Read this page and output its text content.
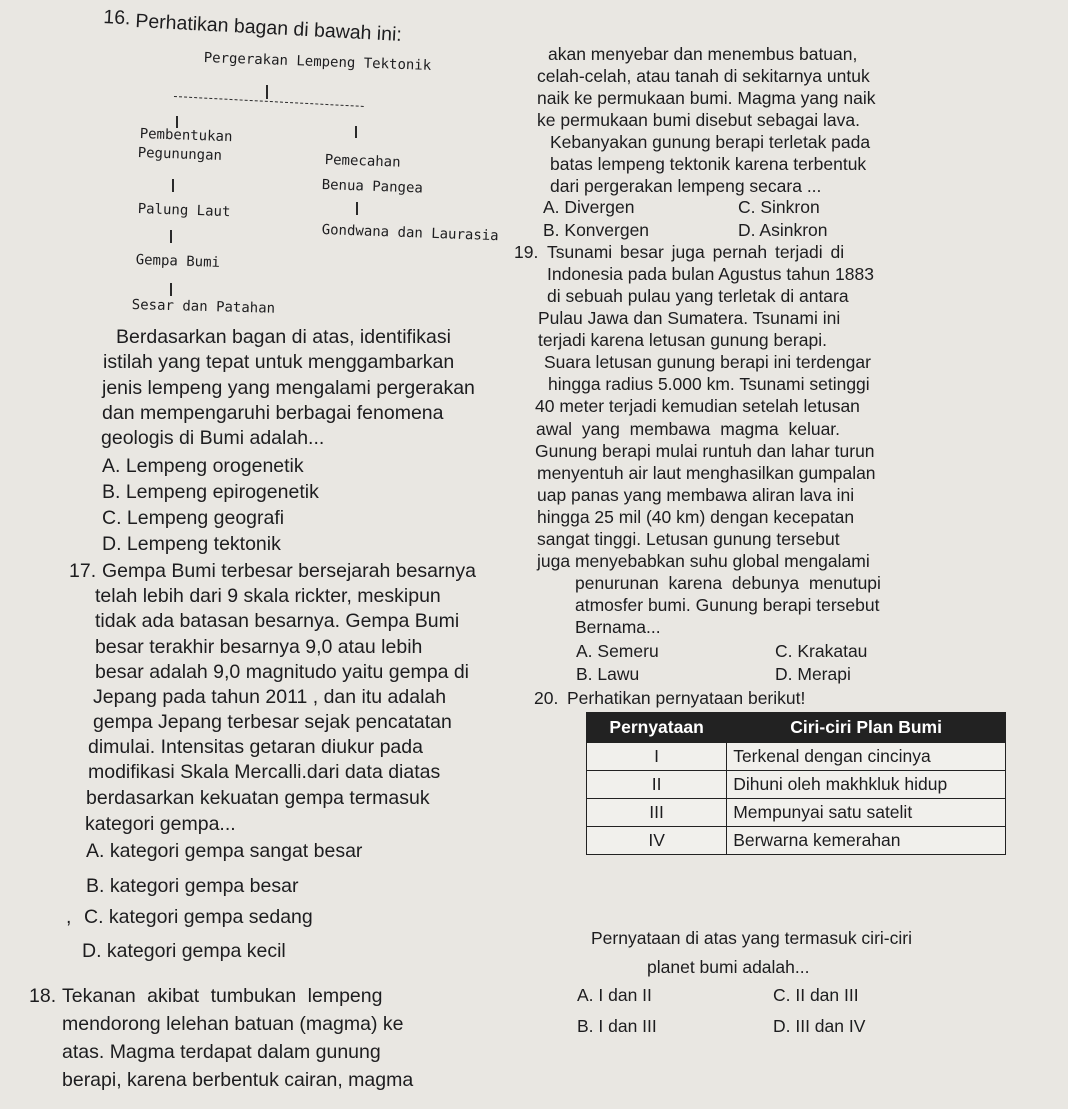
16. Perhatikan bagan di bawah ini:
Pergerakan Lempeng Tektonik
Pembentukan
Pegunungan	Pemecahan
Benua Pangea
Palung Laut
Gondwana dan Laurasia
Gempa Bumi
Sesar dan Patahan
Berdasarkan bagan di atas, identifikasi
istilah yang tepat untuk menggambarkan
jenis lempeng yang mengalami pergerakan
dan mempengaruhi berbagai fenomena
geologis di Bumi adalah...
A. Lempeng orogenetik
B. Lempeng epirogenetik
C. Lempeng geografi
D. Lempeng tektonik
17. Gempa Bumi terbesar bersejarah besarnya
telah lebih dari 9 skala rickter, meskipun
tidak ada batasan besarnya. Gempa Bumi
besar terakhir besarnya 9,0 atau lebih
besar adalah 9,0 magnitudo yaitu gempa di
Jepang pada tahun 2011 , dan itu adalah
gempa Jepang terbesar sejak pencatatan
dimulai. Intensitas getaran diukur pada
modifikasi Skala Mercalli.dari data diatas
berdasarkan kekuatan gempa termasuk
kategori gempa...
A. kategori gempa sangat besar
B. kategori gempa besar
, C. kategori gempa sedang
D. kategori gempa kecil
18. Tekanan akibat tumbukan lempeng
mendorong lelehan batuan (magma) ke
atas. Magma terdapat dalam gunung
berapi, karena berbentuk cairan, magma
akan menyebar dan menembus batuan,
celah-celah, atau tanah di sekitarnya untuk
naik ke permukaan bumi. Magma yang naik
ke permukaan bumi disebut sebagai lava.
Kebanyakan gunung berapi terletak pada
batas lempeng tektonik karena terbentuk
dari pergerakan lempeng secara ...
A. Divergen
B. Konvergen
C. Sinkron
D. Asinkron
19. Tsunami besar juga pernah terjadi di
Indonesia pada bulan Agustus tahun 1883
di sebuah pulau yang terletak di antara
Pulau Jawa dan Sumatera. Tsunami ini
terjadi karena letusan gunung berapi.
Suara letusan gunung berapi ini terdengar
hingga radius 5.000 km. Tsunami setinggi
40 meter terjadi kemudian setelah letusan
awal yang membawa magma keluar.
Gunung berapi mulai runtuh dan lahar turun
menyentuh air laut menghasilkan gumpalan
uap panas yang membawa aliran lava ini
hingga 25 mil (40 km) dengan kecepatan
sangat tinggi. Letusan gunung tersebut
juga menyebabkan suhu global mengalami
penurunan karena debunya menutupi
atmosfer bumi. Gunung berapi tersebut
Bernama...
A. Semeru
B. Lawu
C. Krakatau
D. Merapi
20. Perhatikan pernyataan berikut!
Pernyataan	Ciri-ciri Plan Bumi
I	Terkenal dengan cincinya
II	Dihuni oleh makhkluk hidup
III	Mempunyai satu satelit
IV	Berwarna kemerahan
Pernyataan di atas yang termasuk ciri-ciri
planet bumi adalah...
A. I dan II
B. I dan III
C. II dan III
D. III dan IV
